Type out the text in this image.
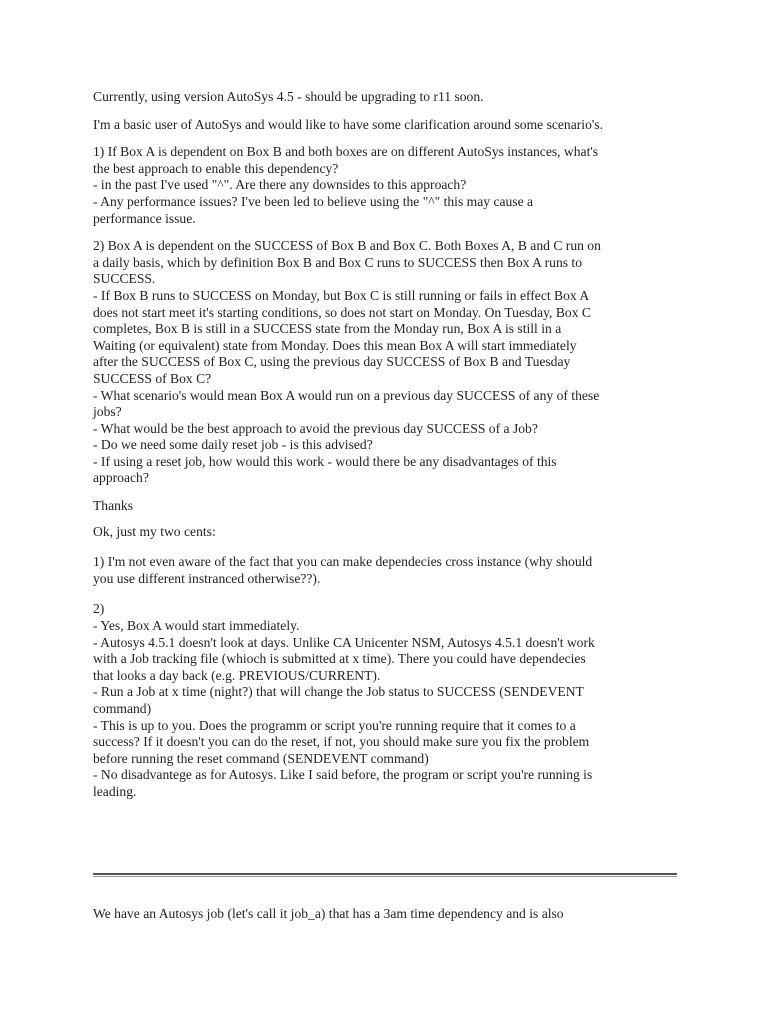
Currently, using version AutoSys 4.5 - should be upgrading to r11 soon.
I'm a basic user of AutoSys and would like to have some clarification around some scenario's.
1) If Box A is dependent on Box B and both boxes are on different AutoSys instances, what's
the best approach to enable this dependency?
- in the past I've used "^". Are there any downsides to this approach?
- Any performance issues? I've been led to believe using the "^" this may cause a
performance issue.
2) Box A is dependent on the SUCCESS of Box B and Box C. Both Boxes A, B and C run on
a daily basis, which by definition Box B and Box C runs to SUCCESS then Box A runs to
SUCCESS.
- If Box B runs to SUCCESS on Monday, but Box C is still running or fails in effect Box A
does not start meet it's starting conditions, so does not start on Monday. On Tuesday, Box C
completes, Box B is still in a SUCCESS state from the Monday run, Box A is still in a
Waiting (or equivalent) state from Monday. Does this mean Box A will start immediately
after the SUCCESS of Box C, using the previous day SUCCESS of Box B and Tuesday
SUCCESS of Box C?
- What scenario's would mean Box A would run on a previous day SUCCESS of any of these
jobs?
- What would be the best approach to avoid the previous day SUCCESS of a Job?
- Do we need some daily reset job - is this advised?
- If using a reset job, how would this work - would there be any disadvantages of this
approach?
Thanks
Ok, just my two cents:
1) I'm not even aware of the fact that you can make dependecies cross instance (why should
you use different instranced otherwise??).
2)
- Yes, Box A would start immediately.
- Autosys 4.5.1 doesn't look at days. Unlike CA Unicenter NSM, Autosys 4.5.1 doesn't work
with a Job tracking file (whioch is submitted at x time). There you could have dependecies
that looks a day back (e.g. PREVIOUS/CURRENT).
- Run a Job at x time (night?) that will change the Job status to SUCCESS (SENDEVENT
command)
- This is up to you. Does the programm or script you're running require that it comes to a
success? If it doesn't you can do the reset, if not, you should make sure you fix the problem
before running the reset command (SENDEVENT command)
- No disadvantege as for Autosys. Like I said before, the program or script you're running is
leading.
We have an Autosys job (let's call it job_a) that has a 3am time dependency and is also
